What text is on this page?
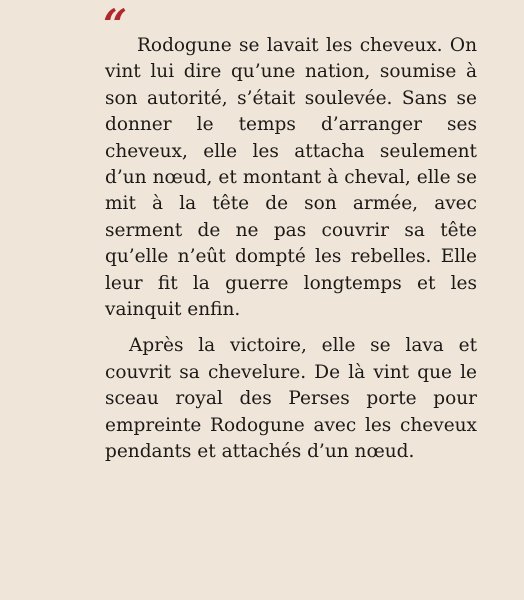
“ Rodogune se lavait les cheveux. On vint lui dire qu’une nation, soumise à son autorité, s’était soulevée. Sans se donner le temps d’arranger ses cheveux, elle les attacha seulement d’un nœud, et montant à cheval, elle se mit à la tête de son armée, avec serment de ne pas couvrir sa tête qu’elle n’eût dompté les rebelles. Elle leur fit la guerre longtemps et les vainquit enfin.

Après la victoire, elle se lava et couvrit sa chevelure. De là vint que le sceau royal des Perses porte pour empreinte Rodogune avec les cheveux pendants et attachés d’un nœud.
